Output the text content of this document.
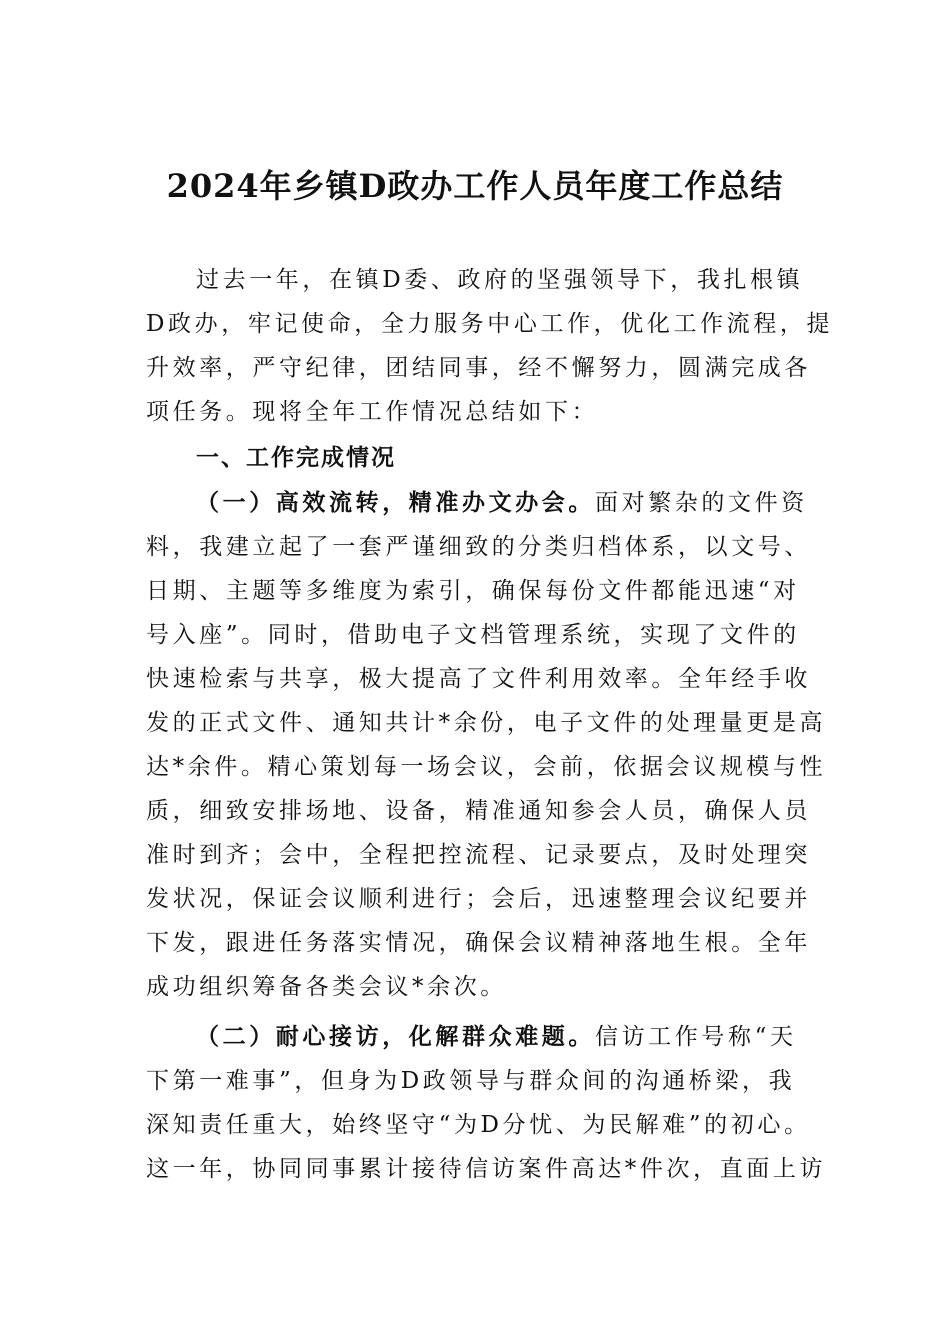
2024年乡镇D政办工作人员年度工作总结
过去一年，在镇D委、政府的坚强领导下，我扎根镇
D政办，牢记使命，全力服务中心工作，优化工作流程，提
升效率，严守纪律，团结同事，经不懈努力，圆满完成各
项任务。现将全年工作情况总结如下：
一、工作完成情况
（一）高效流转，精准办文办会。面对繁杂的文件资
料，我建立起了一套严谨细致的分类归档体系，以文号、
日期、主题等多维度为索引，确保每份文件都能迅速“对
号入座”。同时，借助电子文档管理系统，实现了文件的
快速检索与共享，极大提高了文件利用效率。全年经手收
发的正式文件、通知共计*余份，电子文件的处理量更是高
达*余件。精心策划每一场会议，会前，依据会议规模与性
质，细致安排场地、设备，精准通知参会人员，确保人员
准时到齐；会中，全程把控流程、记录要点，及时处理突
发状况，保证会议顺利进行；会后，迅速整理会议纪要并
下发，跟进任务落实情况，确保会议精神落地生根。全年
成功组织筹备各类会议*余次。
（二）耐心接访，化解群众难题。信访工作号称“天
下第一难事”，但身为D政领导与群众间的沟通桥梁，我
深知责任重大，始终坚守“为D分忧、为民解难”的初心。
这一年，协同同事累计接待信访案件高达*件次，直面上访
